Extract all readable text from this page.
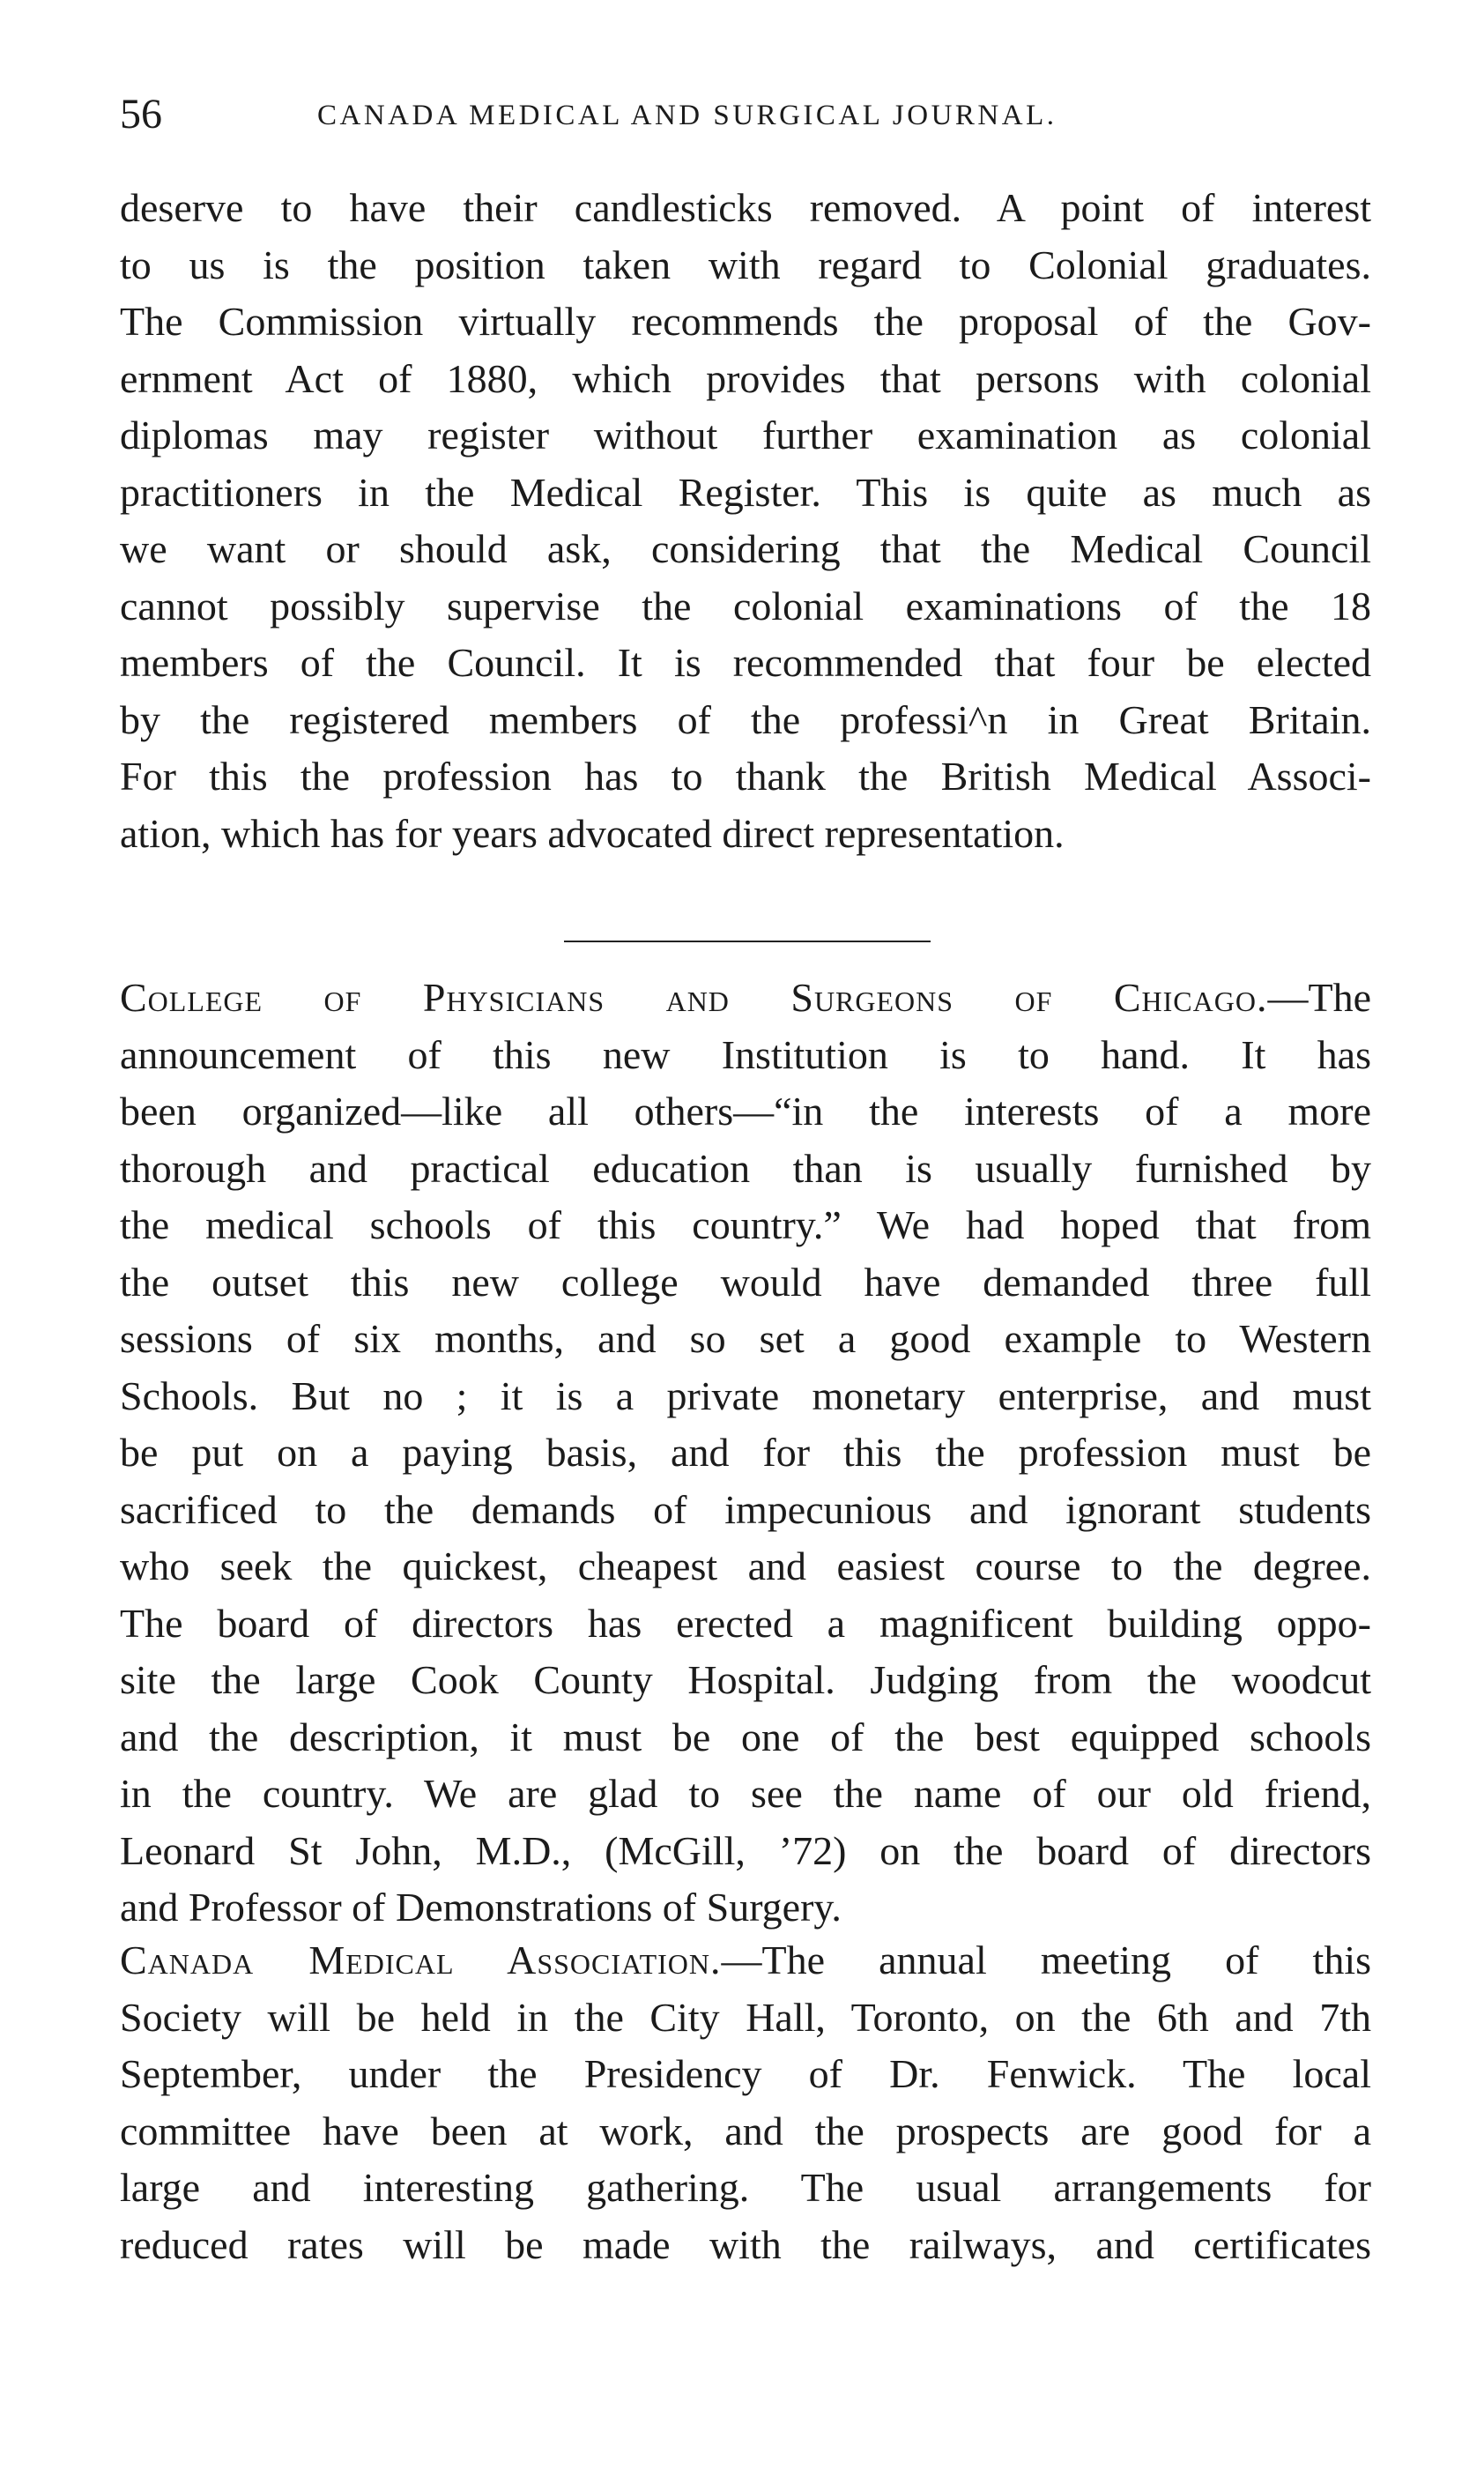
56	CANADA MEDICAL AND SURGICAL JOURNAL.
deserve to have their candlesticks removed. A point of interest
to us is the position taken with regard to Colonial graduates.
The Commission virtually recommends the proposal of the Gov-
ernment Act of 1880, which provides that persons with colonial
diplomas may register without further examination as colonial
practitioners in the Medical Register. This is quite as much as
we want or should ask, considering that the Medical Council
cannot possibly supervise the colonial examinations of the 18
members of the Council. It is recommended that four be elected
by the registered members of the professi^n in Great Britain.
For this the profession has to thank the British Medical Associ-
ation, which has for years advocated direct representation.
College of Physicians and Surgeons of Chicago.—The
announcement of this new Institution is to hand. It has
been organized—like all others—“in the interests of a more
thorough and practical education than is usually furnished by
the medical schools of this country.” We had hoped that from
the outset this new college would have demanded three full
sessions of six months, and so set a good example to Western
Schools. But no ; it is a private monetary enterprise, and must
be put on a paying basis, and for this the profession must be
sacrificed to the demands of impecunious and ignorant students
who seek the quickest, cheapest and easiest course to the degree.
The board of directors has erected a magnificent building oppo-
site the large Cook County Hospital. Judging from the woodcut
and the description, it must be one of the best equipped schools
in the country. We are glad to see the name of our old friend,
Leonard St John, M.D., (McGill, ’72) on the board of directors
and Professor of Demonstrations of Surgery.
Canada Medical Association.—The annual meeting of this
Society will be held in the City Hall, Toronto, on the 6th and 7th
September, under the Presidency of Dr. Fenwick. The local
committee have been at work, and the prospects are good for a
large and interesting gathering. The usual arrangements for
reduced rates will be made with the railways, and certificates
